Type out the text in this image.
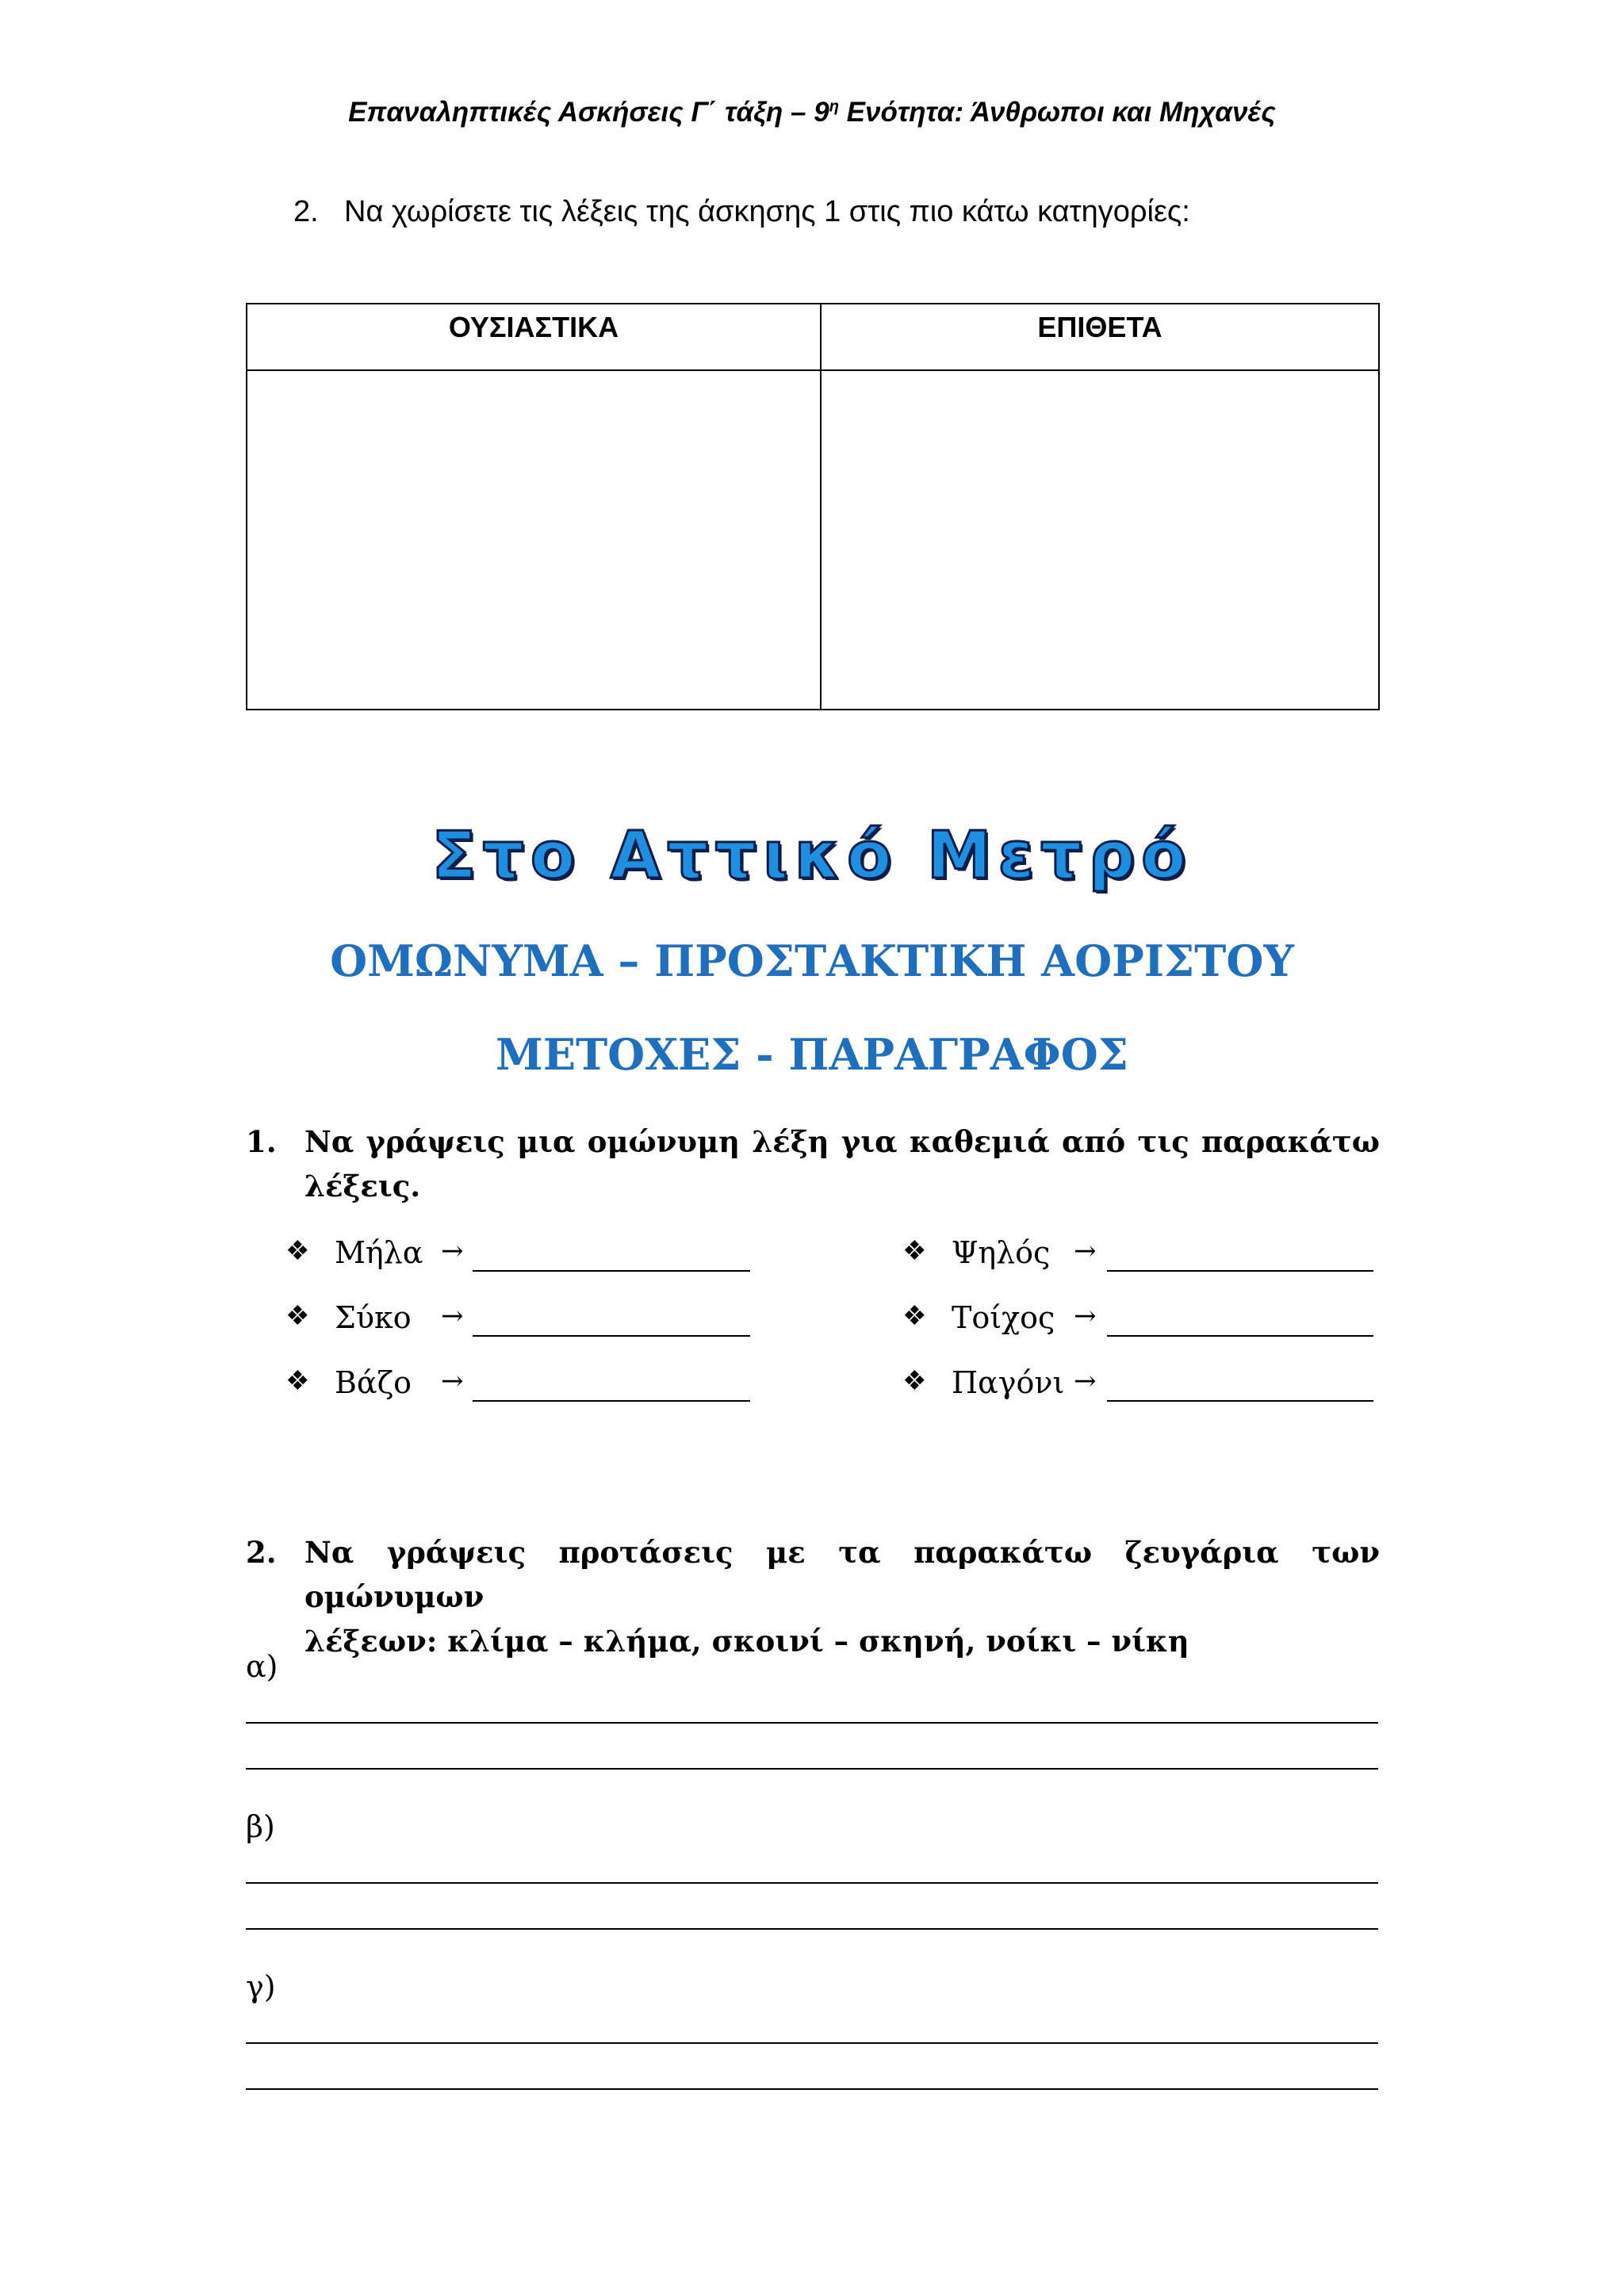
Επαναληπτικές Ασκήσεις Γ΄ τάξη – $9^\eta$ Ενότητα: Άνθρωποι και Μηχανές
2. Να χωρίσετε τις λέξεις της άσκησης 1 στις πιο κάτω κατηγορίες:
ΟΥΣΙΑΣΤΙΚΑ	ΕΠΙΘΕΤΑ

Στο Αττικό Μετρό
ΟΜΩΝΥΜΑ – ΠΡΟΣΤΑΚΤΙΚΗ ΑΟΡΙΣΤΟΥ
ΜΕΤΟΧΕΣ - ΠΑΡΑΓΡΑΦΟΣ
1. Να γράψεις μια ομώνυμη λέξη για καθεμιά από τις παρακάτω λέξεις.
❖ Μήλα →
❖ Σύκο →
❖ Βάζο →
❖ Ψηλός →
❖ Τοίχος →
❖ Παγόνι →
2. Να γράψεις προτάσεις με τα παρακάτω ζευγάρια των ομώνυμων
λέξεων: κλίμα – κλήμα, σκοινί – σκηνή, νοίκι – νίκη
α)
β)
γ)
